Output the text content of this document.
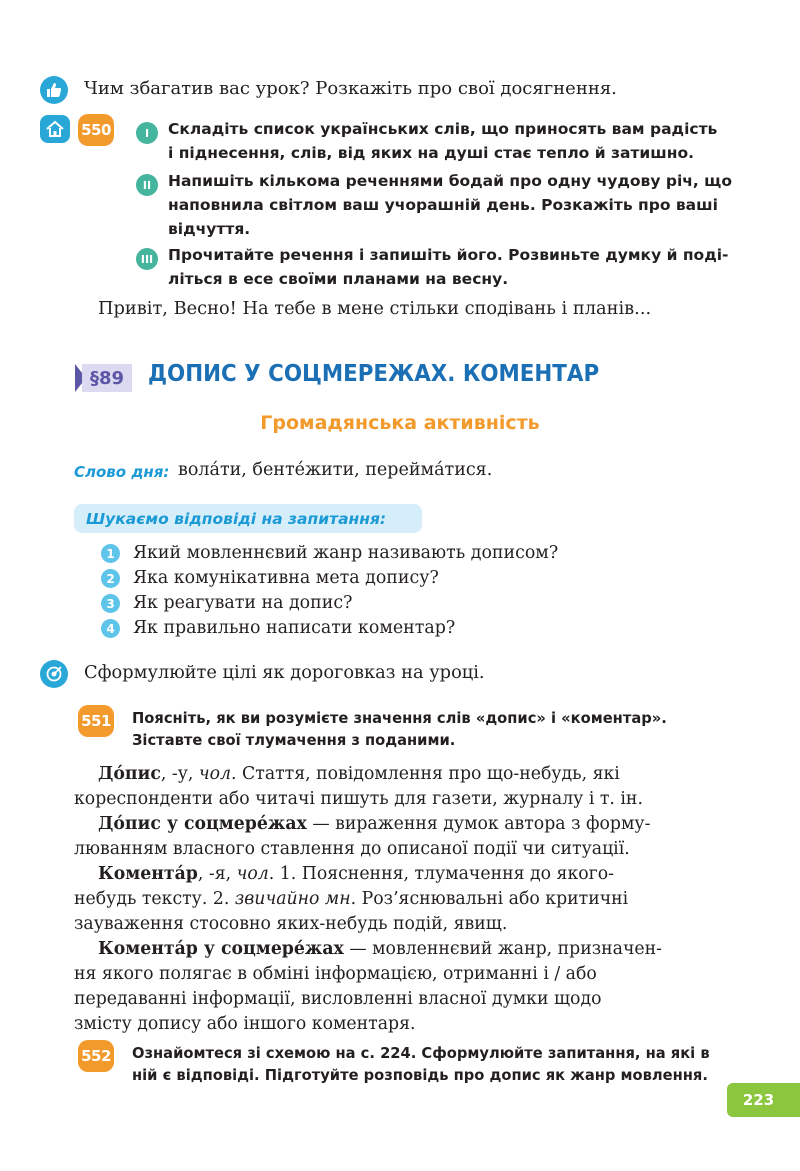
Чим збагатив вас урок? Розкажіть про свої досягнення.
550	I	Складіть список українських слів, що приносять вам радість
і піднесення, слів, від яких на душі стає тепло й затишно.
II	Напишіть кількома реченнями бодай про одну чудову річ, що
наповнила світлом ваш учорашній день. Розкажіть про ваші
відчуття.
III Прочитайте речення і запишіть його. Розвиньте думку й поді-
літься в есе своїми планами на весну.
Привіт, Весно! На тебе в мене стільки сподівань і планів...
§89	ДОПИС У СОЦМЕРЕЖАХ. КОМЕНТАР
Громадянська активність
Слово дня: вола́ти, бенте́жити, перейма́тися.
Шукаємо відповіді на запитання:
1	Який мовленнєвий жанр називають дописом?
2	Яка комунікативна мета допису?
3	Як реагувати на допис?
4	Як правильно написати коментар?
Сформулюйте цілі як дороговказ на уроці.
551 Поясніть, як ви розумієте значення слів «допис» і «коментар».
Зіставте свої тлумачення з поданими.
До́пис, -у, чол. Стаття, повідомлення про що-небудь, які
кореспонденти або читачі пишуть для газети, журналу і т. ін.
До́пис у соцмере́жах — вираження думок автора з форму-
люванням власного ставлення до описаної події чи ситуації.
Комента́р, -я, чол. 1. Пояснення, тлумачення до якого-
небудь тексту. 2. звичайно мн. Роз’яснювальні або критичні
зауваження стосовно яких-небудь подій, явищ.
Комента́р у соцмере́жах — мовленнєвий жанр, призначен-
ня якого полягає в обміні інформацією, отриманні і / або
передаванні інформації, висловленні власної думки щодо
змісту допису або іншого коментаря.
552 Ознайомтеся зі схемою на с. 224. Сформулюйте запитання, на які в
ній є відповіді. Підготуйте розповідь про допис як жанр мовлення.
223
